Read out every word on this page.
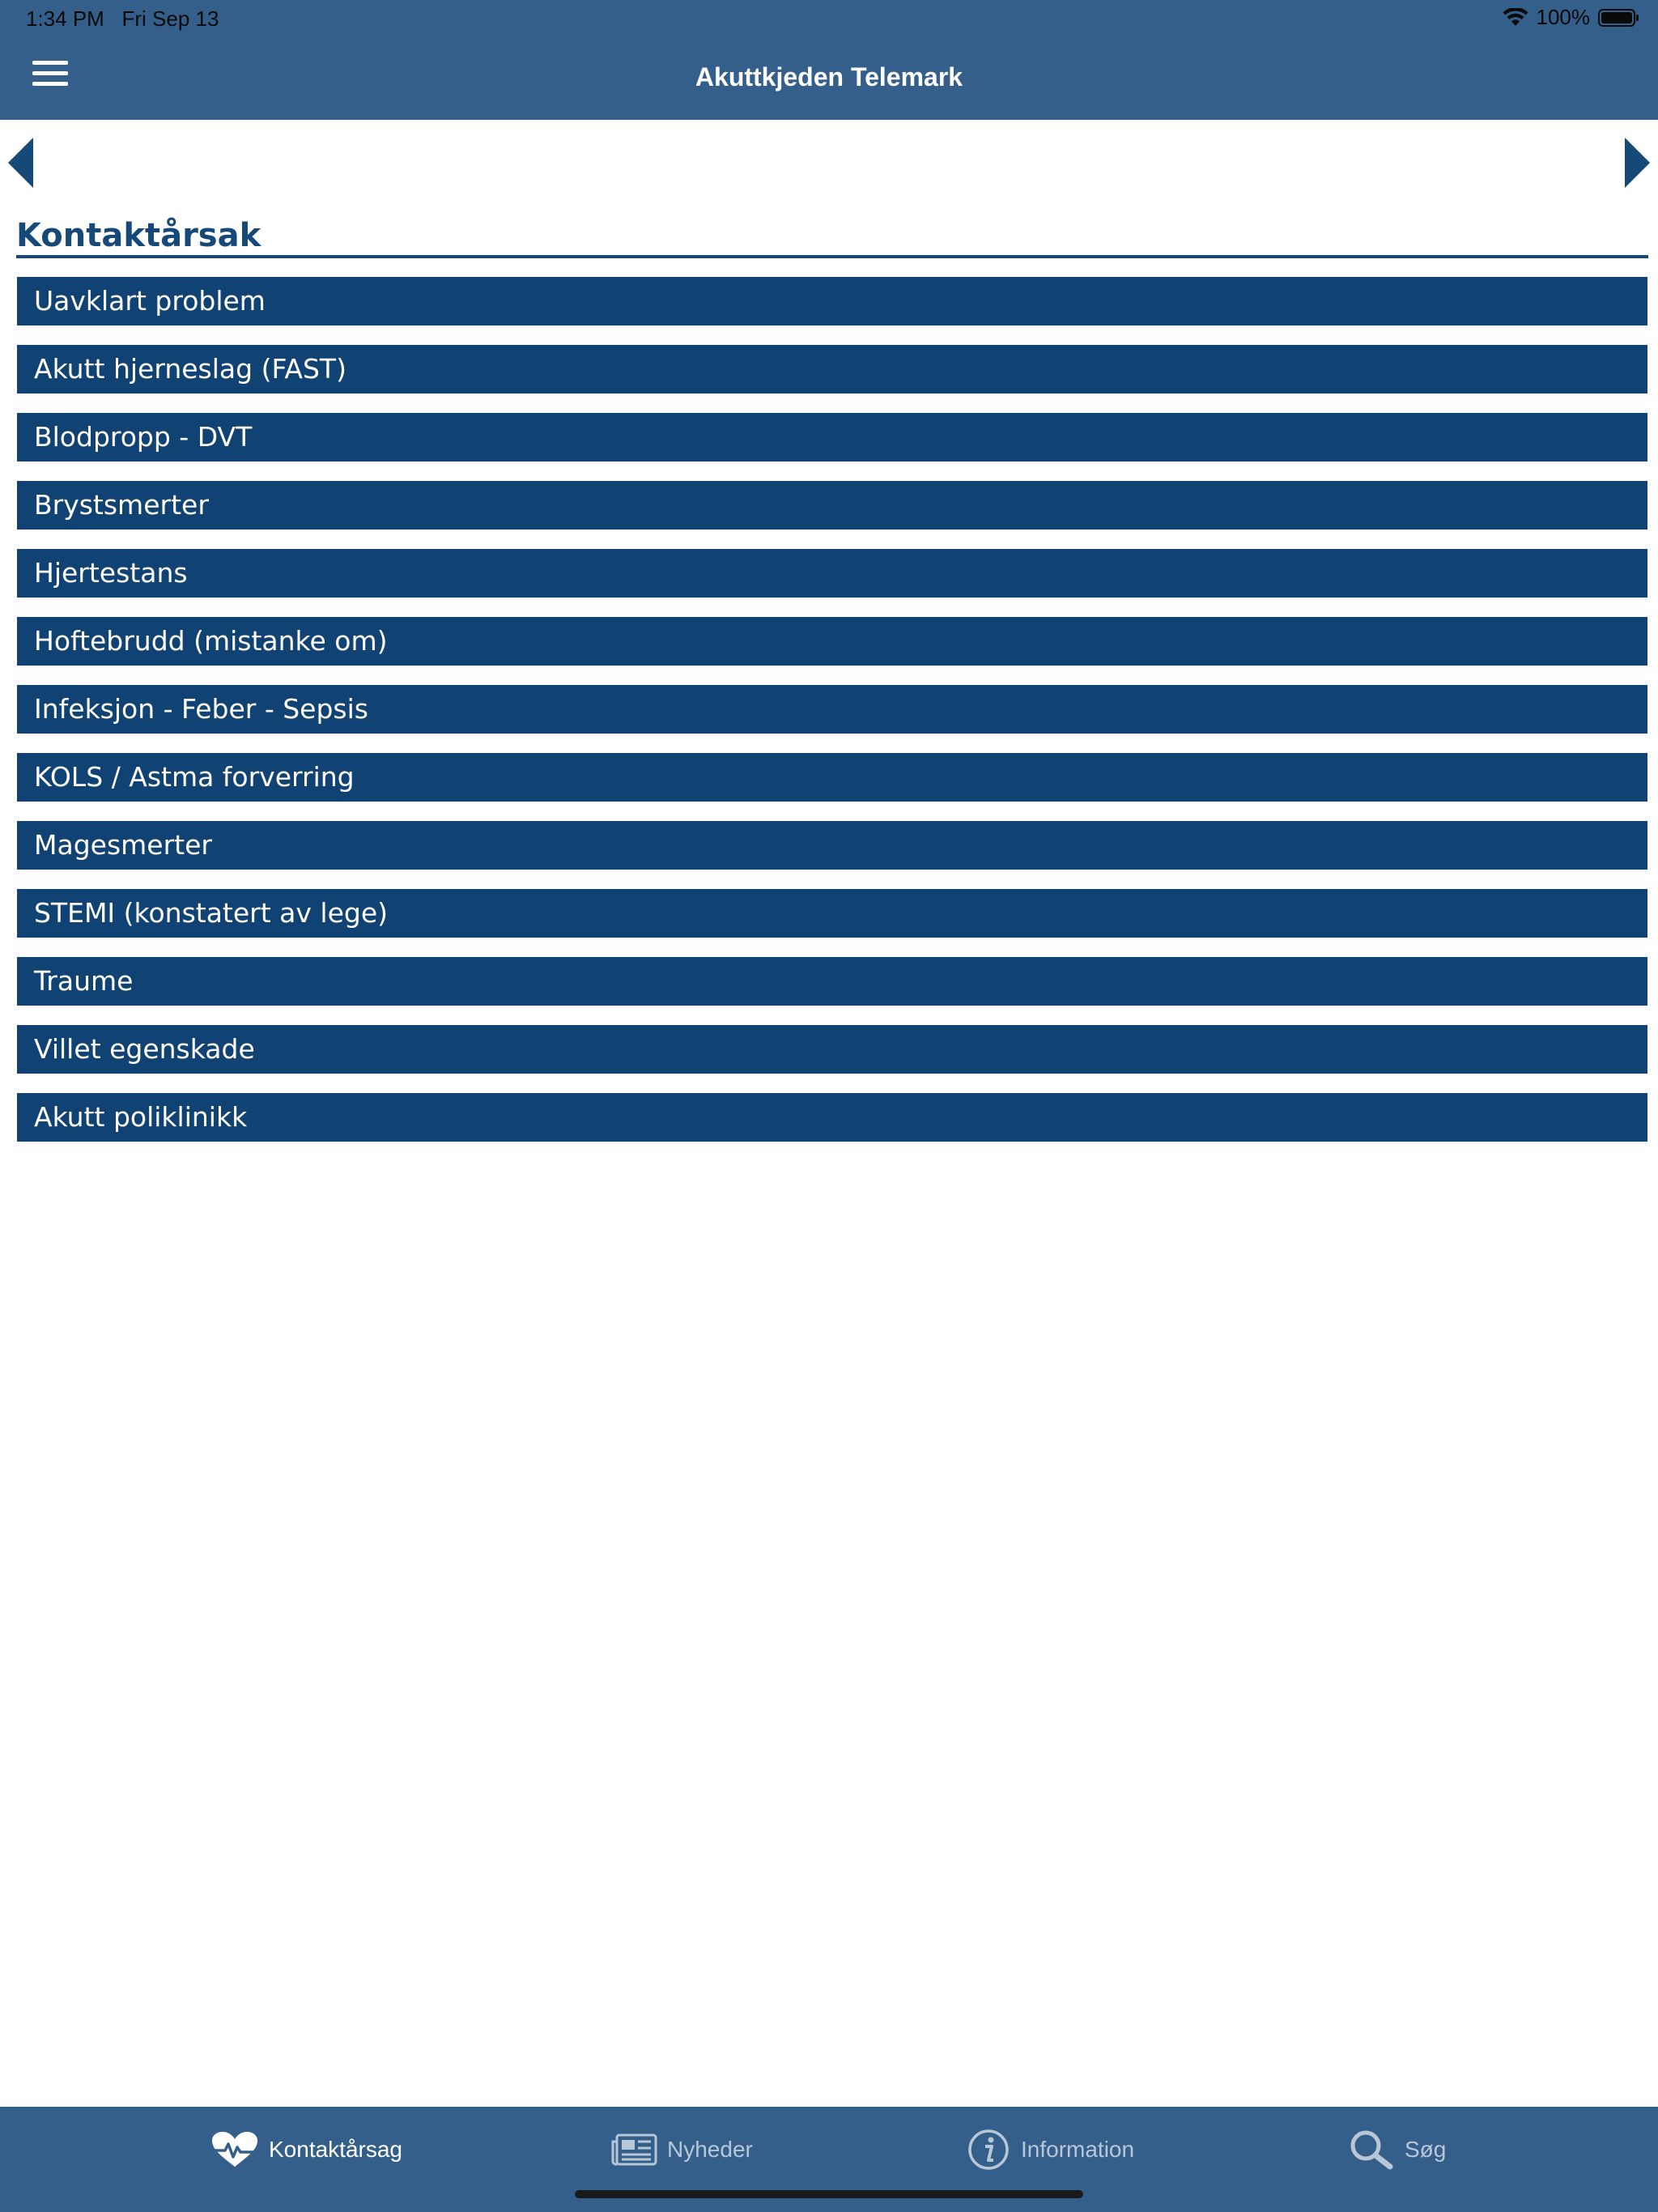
1:34 PM Fri Sep 13	100%
Akuttkjeden Telemark
Kontaktårsak
Uavklart problem
Akutt hjerneslag (FAST)
Blodpropp - DVT
Brystsmerter
Hjertestans
Hoftebrudd (mistanke om)
Infeksjon - Feber - Sepsis
KOLS / Astma forverring
Magesmerter
STEMI (konstatert av lege)
Traume
Villet egenskade
Akutt poliklinikk
Kontaktårsag	Nyheder	Information	Søg
